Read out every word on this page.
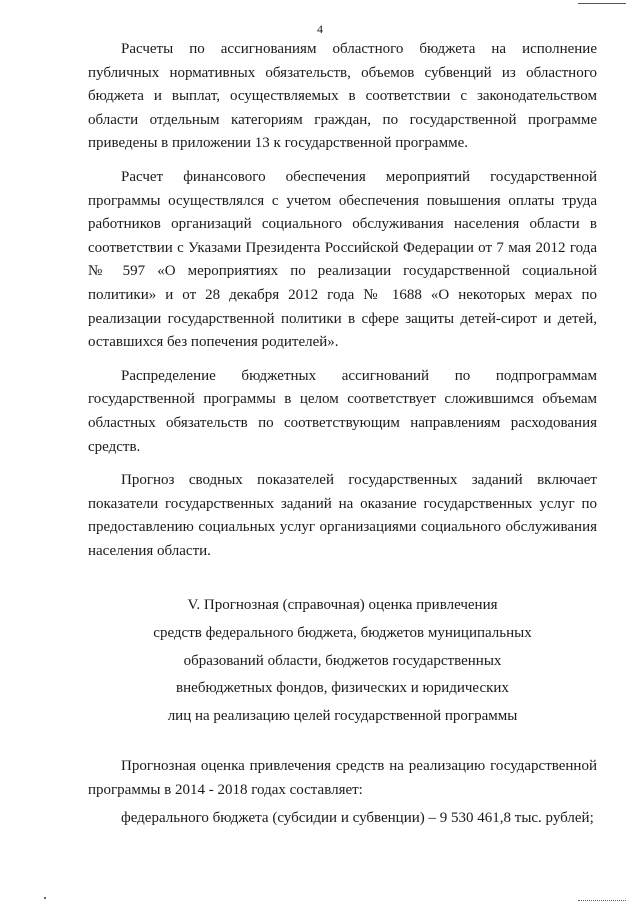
4

Расчеты по ассигнованиям областного бюджета на исполнение публичных нормативных обязательств, объемов субвенций из областного бюджета и выплат, осуществляемых в соответствии с законодательством области отдельным категориям граждан, по государственной программе приведены в приложении 13 к государственной программе.

Расчет финансового обеспечения мероприятий государственной программы осуществлялся с учетом обеспечения повышения оплаты труда работников организаций социального обслуживания населения области в соответствии с Указами Президента Российской Федерации от 7 мая 2012 года № 597 «О мероприятиях по реализации государственной социальной политики» и от 28 декабря 2012 года № 1688 «О некоторых мерах по реализации государственной политики в сфере защиты детей-сирот и детей, оставшихся без попечения родителей».

Распределение бюджетных ассигнований по подпрограммам государственной программы в целом соответствует сложившимся объемам областных обязательств по соответствующим направлениям расходования средств.

Прогноз сводных показателей государственных заданий включает показатели государственных заданий на оказание государственных услуг по предоставлению социальных услуг организациями социального обслуживания населения области.

V. Прогнозная (справочная) оценка привлечения
средств федерального бюджета, бюджетов муниципальных
образований области, бюджетов государственных
внебюджетных фондов, физических и юридических
лиц на реализацию целей государственной программы

Прогнозная оценка привлечения средств на реализацию государственной программы в 2014 - 2018 годах составляет:

федерального бюджета (субсидии и субвенции) – 9 530 461,8 тыс. рублей;
